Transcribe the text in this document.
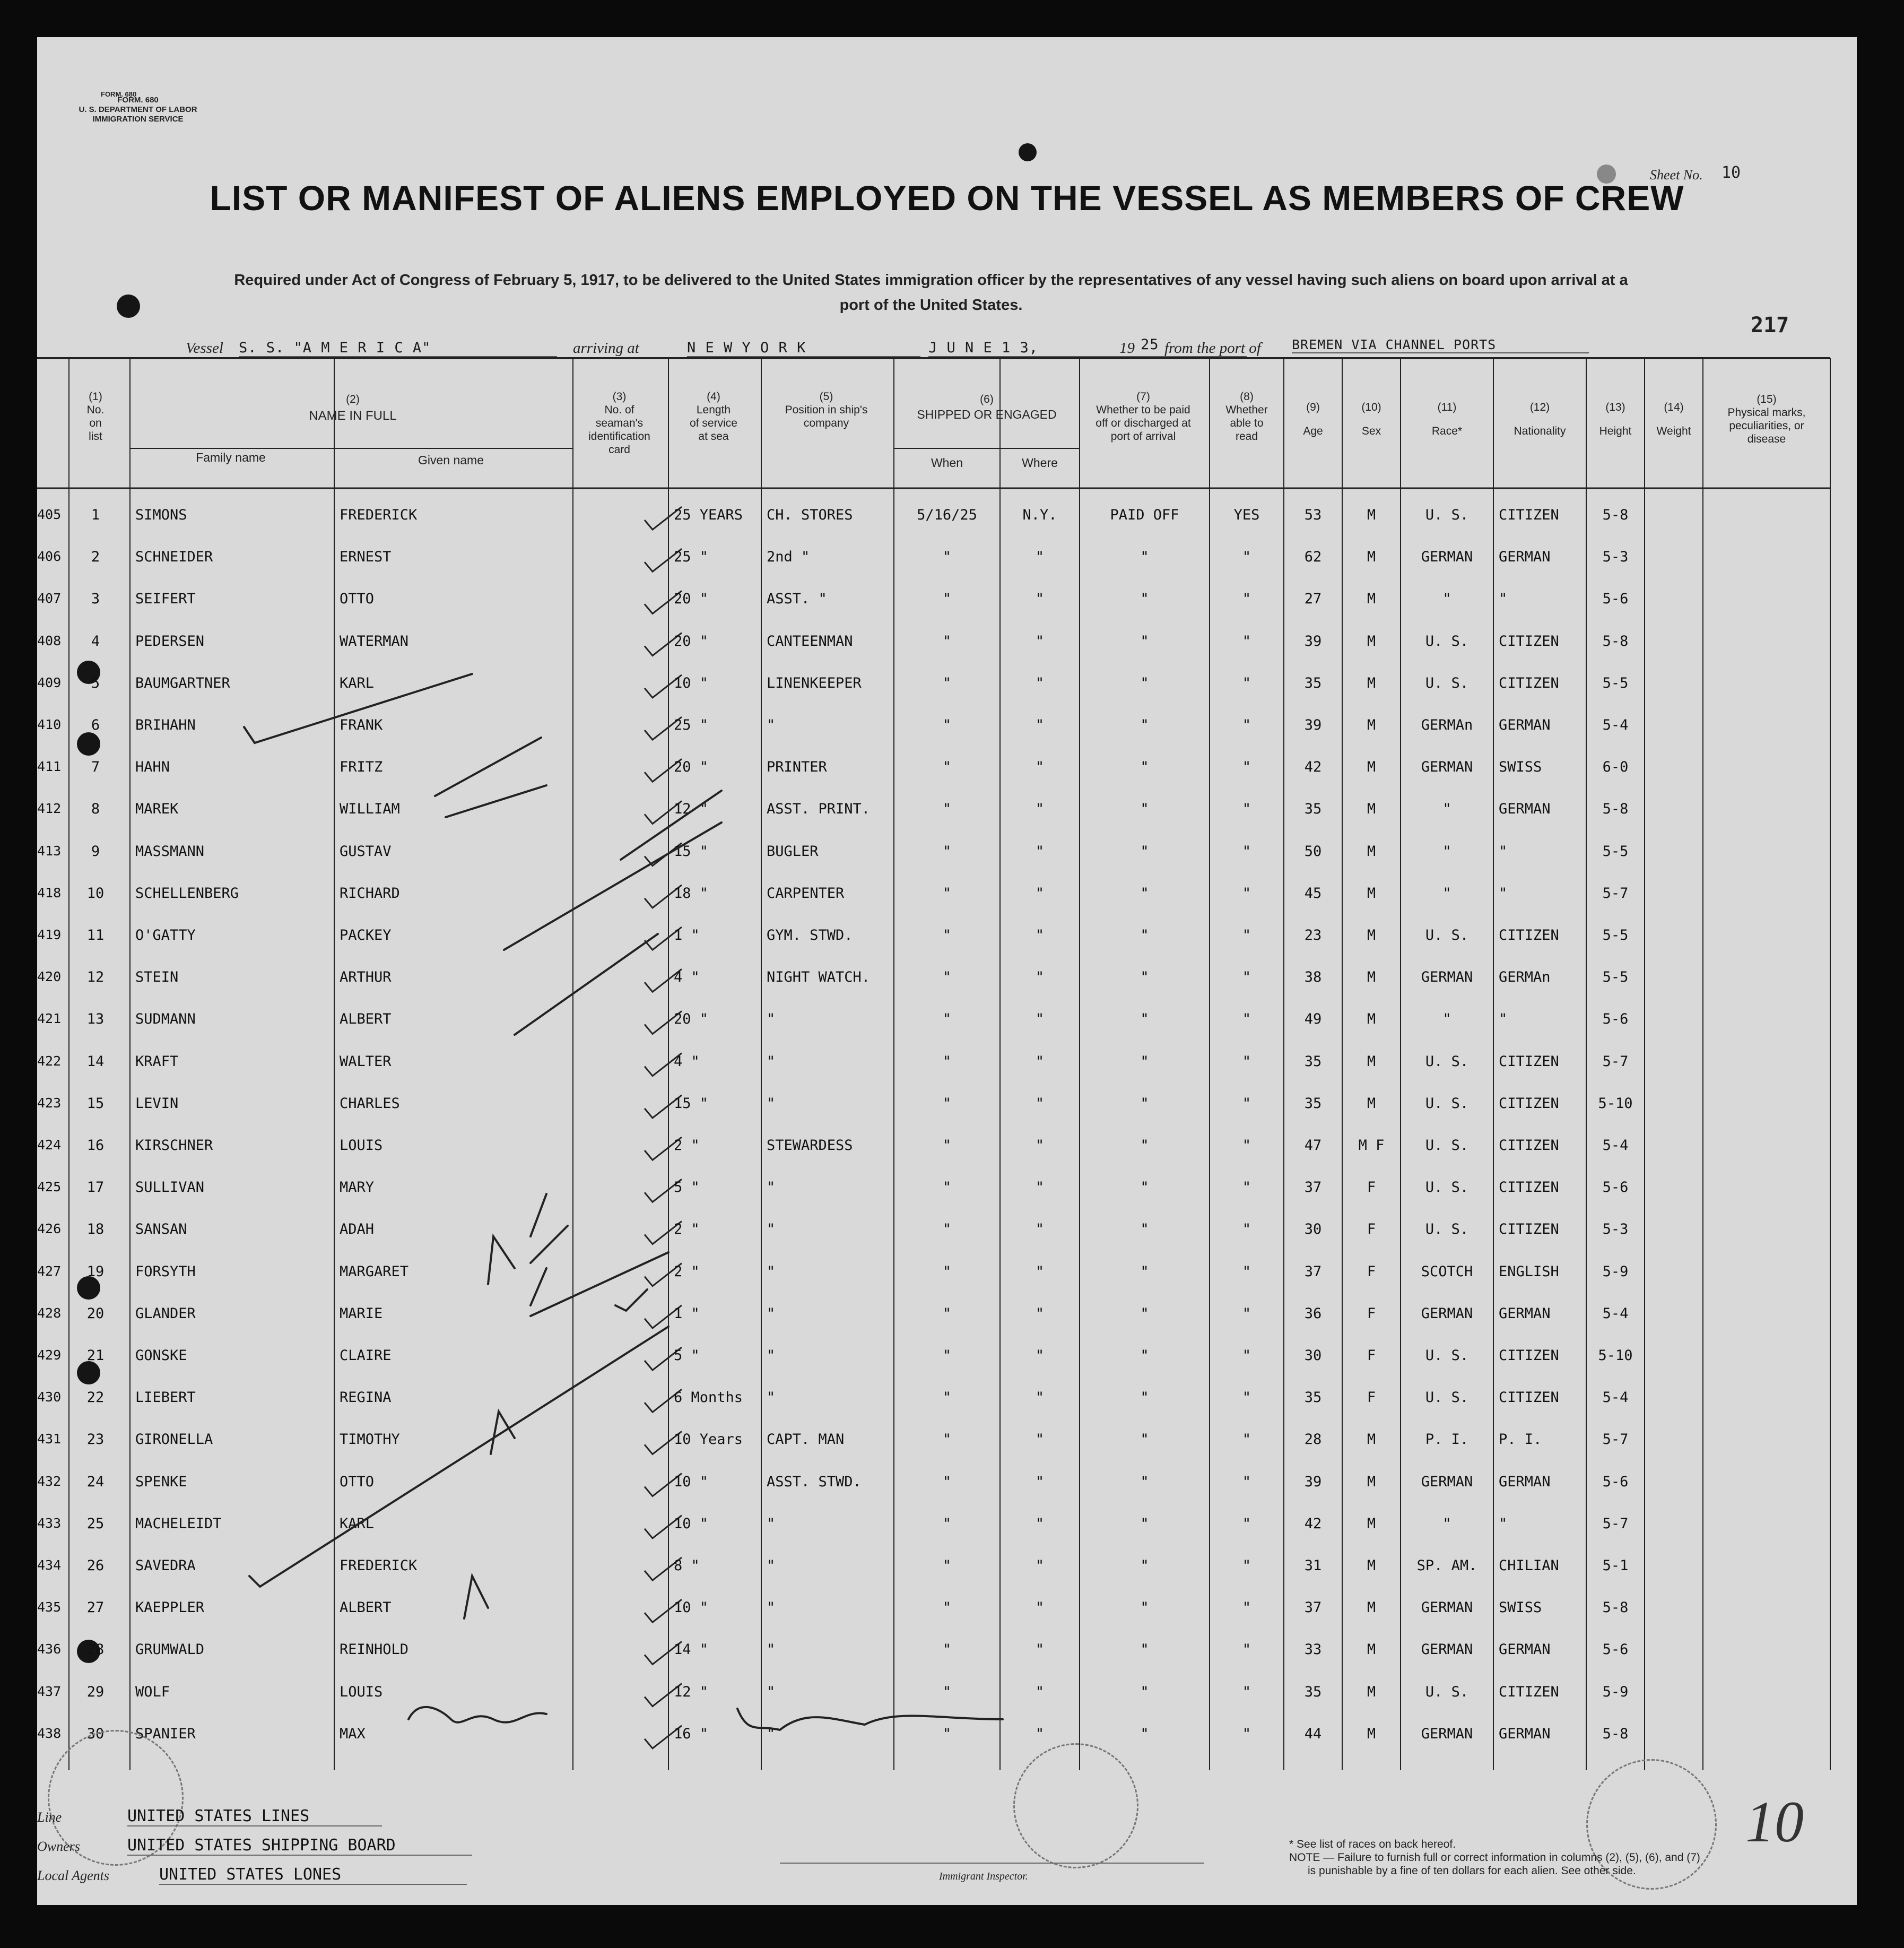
FORM. 680
FORM. 680
U. S. DEPARTMENT OF LABOR
IMMIGRATION SERVICE
Sheet No. 10
LIST OR MANIFEST OF ALIENS EMPLOYED ON THE VESSEL AS MEMBERS OF CREW
Required under Act of Congress of February 5, 1917, to be delivered to the United States immigration officer by the representatives of any vessel having such aliens on board upon arrival at a
port of the United States.
217
Vessel S. S. "A M E R I C A"	arriving at	N E W Y O R K	J U N E 1 3,	19 25 from the port of BREMEN VIA CHANNEL PORTS
(1)
No.
on
list
(2)
NAME IN FULL
Family name	Given name
(3)
No. of
seaman's
identification
card
(4)
Length
of service
at sea
(5)
Position in ship's
company
(6)
SHIPPED OR ENGAGED
When	Where
(7)
Whether to be paid
off or discharged at
port of arrival
(8)
Whether
able to
read
(9)
Age
(10)
Sex
(11)
Race*
(12)
Nationality
(13)
Height
(14)
Weight
(15)
Physical marks,
peculiarities, or
disease
405	1	SIMONS	FREDERICK	25 YEARS	CH. STORES	5/16/25	N.Y.	PAID OFF	YES	53	M	U. S.	CITIZEN	5-8
406	2	SCHNEIDER	ERNEST	25 "	2nd "	"	"	"	"	62	M	GERMAN	GERMAN	5-3
407	3	SEIFERT	OTTO	20 "	ASST. "	"	"	"	"	27	M	"	"	5-6
408	4	PEDERSEN	WATERMAN	20 "	CANTEENMAN	"	"	"	"	39	M	U. S.	CITIZEN	5-8
409	5	BAUMGARTNER	KARL	10 "	LINENKEEPER	"	"	"	"	35	M	U. S.	CITIZEN	5-5
410	6	BRIHAHN	FRANK	25 "	"	"	"	"	"	39	M	GERMAn	GERMAN	5-4
411	7	HAHN	FRITZ	20 "	PRINTER	"	"	"	"	42	M	GERMAN	SWISS	6-0
412	8	MAREK	WILLIAM	12 "	ASST. PRINT.	"	"	"	"	35	M	"	GERMAN	5-8
413	9	MASSMANN	GUSTAV	15 "	BUGLER	"	"	"	"	50	M	"	"	5-5
418	10	SCHELLENBERG	RICHARD	18 "	CARPENTER	"	"	"	"	45	M	"	"	5-7
419	11	O'GATTY	PACKEY	1 "	GYM. STWD.	"	"	"	"	23	M	U. S.	CITIZEN	5-5
420	12	STEIN	ARTHUR	4 "	NIGHT WATCH.	"	"	"	"	38	M	GERMAN	GERMAn	5-5
421	13	SUDMANN	ALBERT	20 "	"	"	"	"	"	49	M	"	"	5-6
422	14	KRAFT	WALTER	4 "	"	"	"	"	"	35	M	U. S.	CITIZEN	5-7
423	15	LEVIN	CHARLES	15 "	"	"	"	"	"	35	M	U. S.	CITIZEN	5-10
424	16	KIRSCHNER	LOUIS	2 "	STEWARDESS	"	"	"	"	47	M F	U. S.	CITIZEN	5-4
425	17	SULLIVAN	MARY	5 "	"	"	"	"	"	37	F	U. S.	CITIZEN	5-6
426	18	SANSAN	ADAH	2 "	"	"	"	"	"	30	F	U. S.	CITIZEN	5-3
427	19	FORSYTH	MARGARET	2 "	"	"	"	"	"	37	F	SCOTCH	ENGLISH	5-9
428	20	GLANDER	MARIE	1 "	"	"	"	"	"	36	F	GERMAN	GERMAN	5-4
429	21	GONSKE	CLAIRE	5 "	"	"	"	"	"	30	F	U. S.	CITIZEN	5-10
430	22	LIEBERT	REGINA	6 Months	"	"	"	"	"	35	F	U. S.	CITIZEN	5-4
431	23	GIRONELLA	TIMOTHY	10 Years	CAPT. MAN	"	"	"	"	28	M	P. I.	P. I.	5-7
432	24	SPENKE	OTTO	10 "	ASST. STWD.	"	"	"	"	39	M	GERMAN	GERMAN	5-6
433	25	MACHELEIDT	KARL	10 "	"	"	"	"	"	42	M	"	"	5-7
434	26	SAVEDRA	FREDERICK	8 "	"	"	"	"	"	31	M	SP. AM.	CHILIAN	5-1
435	27	KAEPPLER	ALBERT	10 "	"	"	"	"	"	37	M	GERMAN	SWISS	5-8
436	28	GRUMWALD	REINHOLD	14 "	"	"	"	"	"	33	M	GERMAN	GERMAN	5-6
437	29	WOLF	LOUIS	12 "	"	"	"	"	"	35	M	U. S.	CITIZEN	5-9
438	30	SPANIER	MAX	16 "	"	"	"	"	"	44	M	GERMAN	GERMAN	5-8
Line	UNITED STATES LINES
Owners	UNITED STATES SHIPPING BOARD
Local Agents	UNITED STATES LONES	Immigrant Inspector.
* See list of races on back hereof.
NOTE — Failure to furnish full or correct information in columns (2), (5), (6), and (7)
is punishable by a fine of ten dollars for each alien. See other side.
10
